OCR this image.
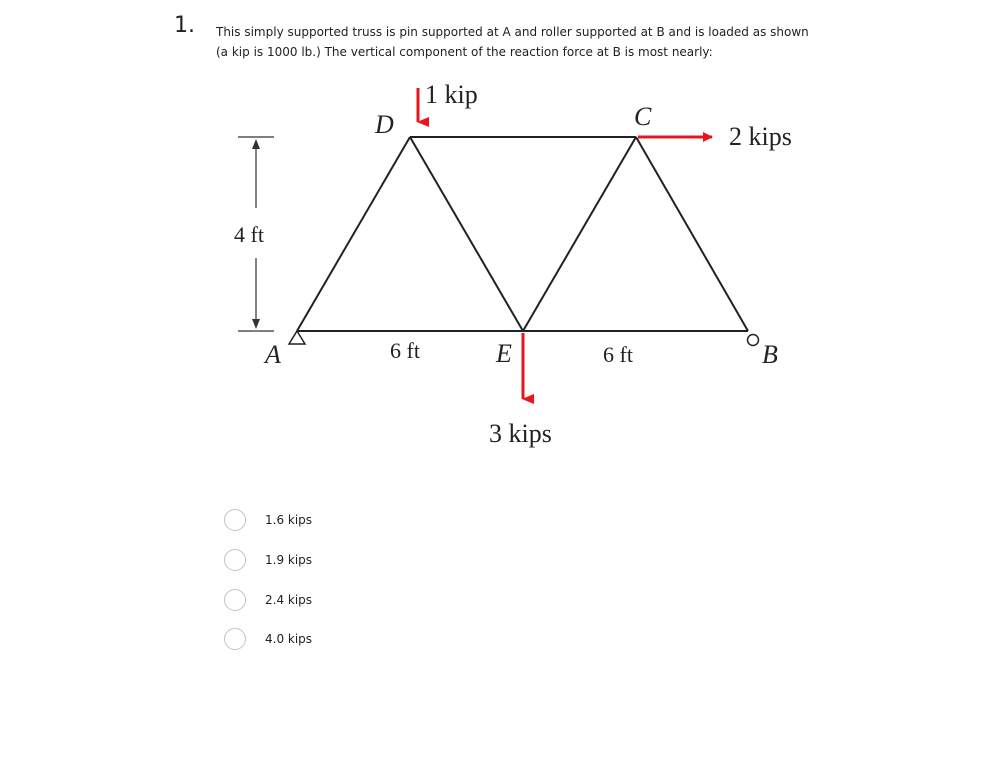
1. This simply supported truss is pin supported at A and roller supported at B and is loaded as shown
(a kip is 1000 lb.) The vertical component of the reaction force at B is most nearly:
D	C
A	B
E
1 kip
2 kips
3 kips
4 ft
6 ft	6 ft
1.6 kips
1.9 kips
2.4 kips
4.0 kips
